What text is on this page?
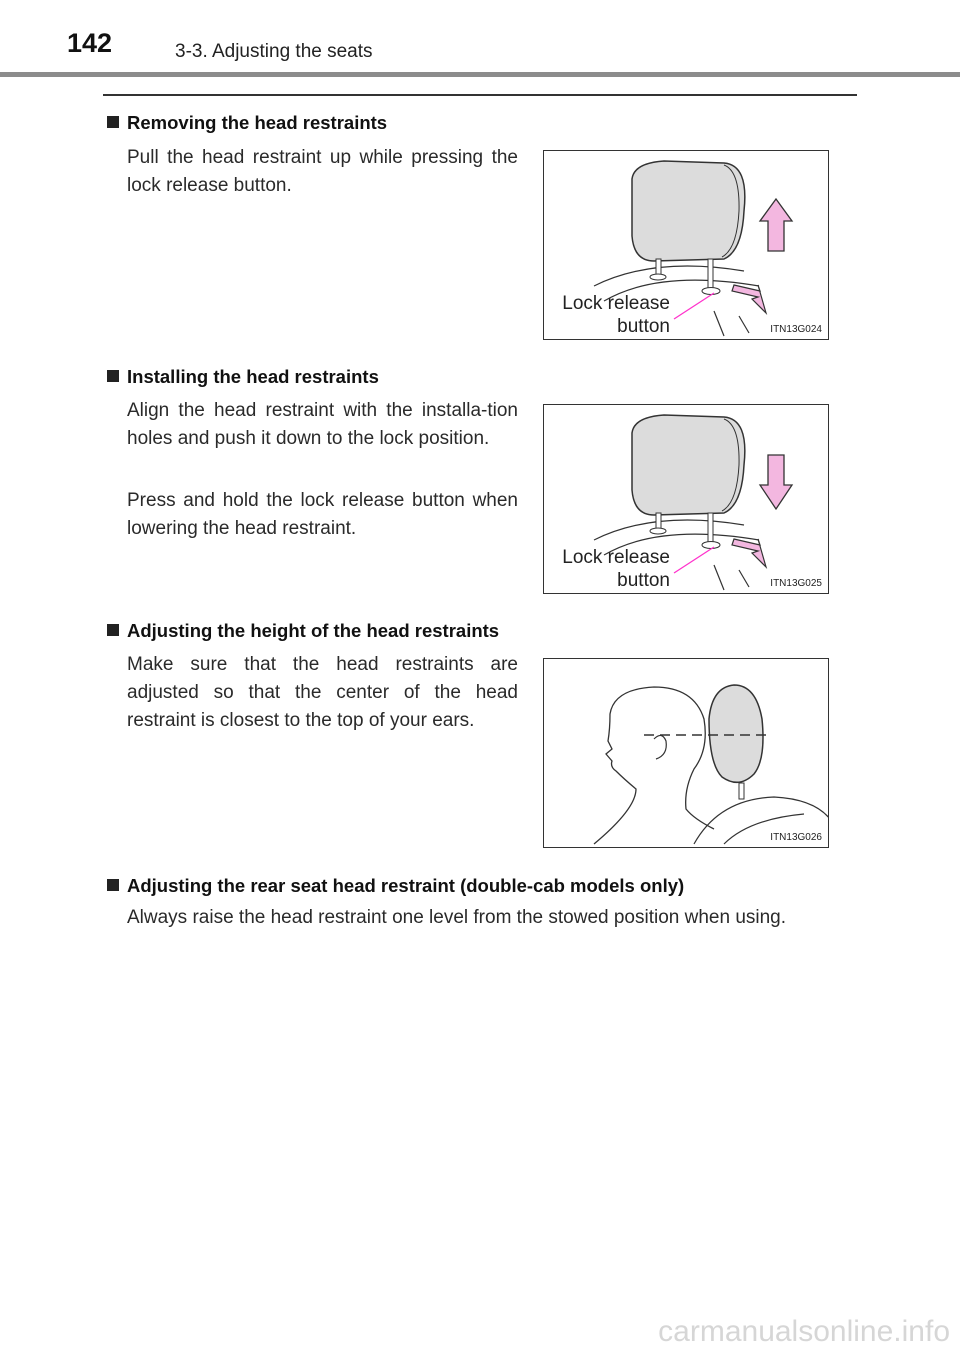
142	3-3. Adjusting the seats
Removing the head restraints
Pull the head restraint up while pressing the lock release button.
Lock release
button	ITN13G024
Installing the head restraints
Align the head restraint with the installa-tion holes and push it down to the lock position.
Press and hold the lock release button when lowering the head restraint.
Lock release
button	ITN13G025
Adjusting the height of the head restraints
Make sure that the head restraints are adjusted so that the center of the head restraint is closest to the top of your ears.
ITN13G026
Adjusting the rear seat head restraint (double-cab models only)
Always raise the head restraint one level from the stowed position when using.
carmanualsonline.info
